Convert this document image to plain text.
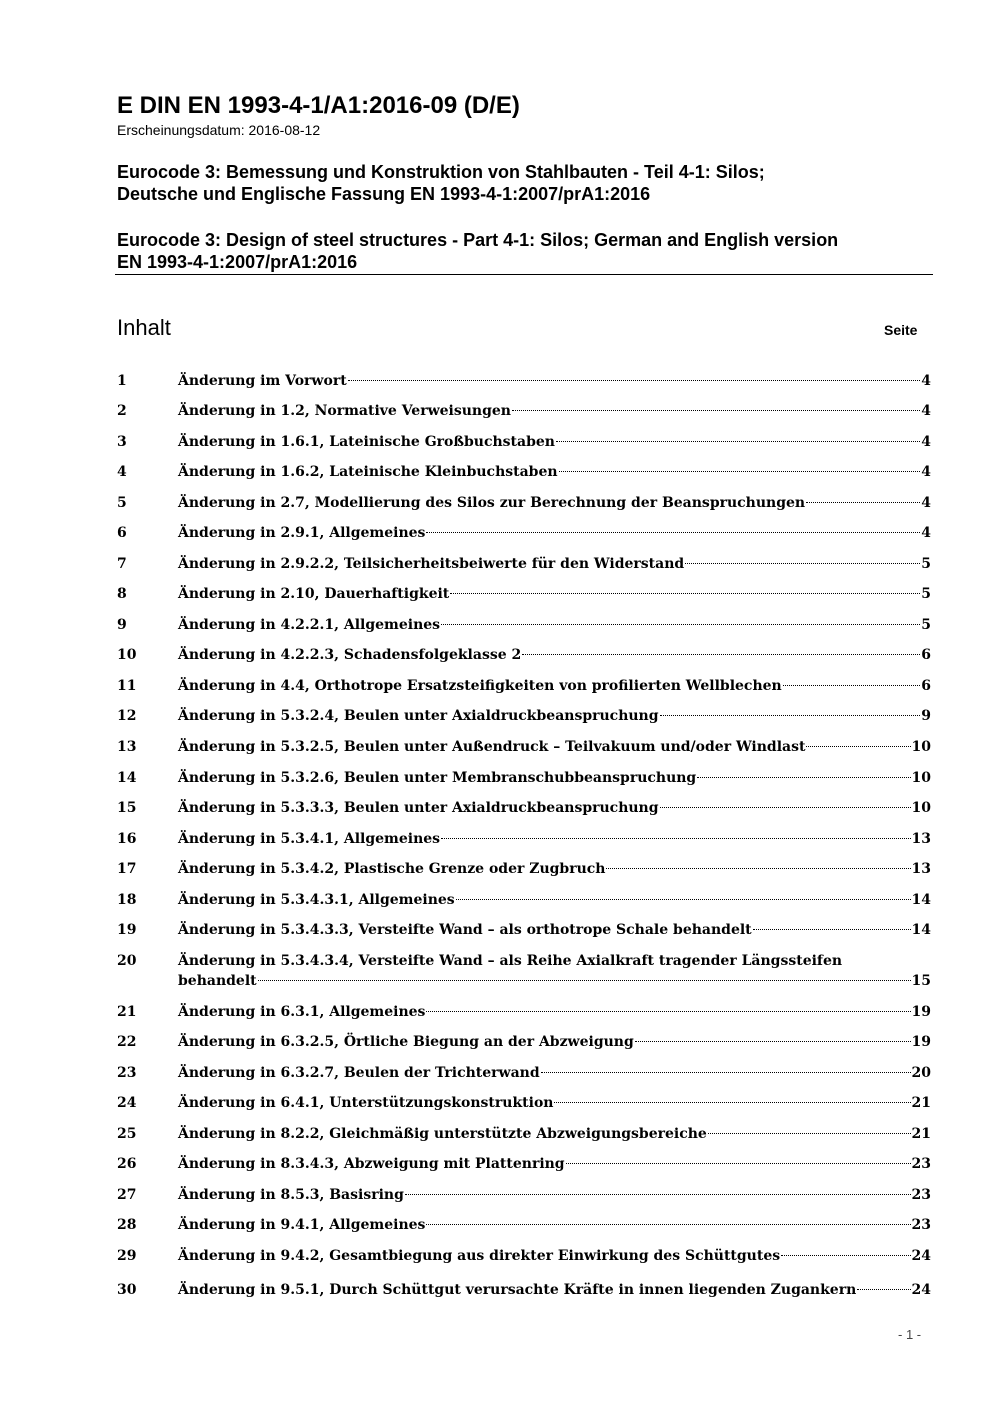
E DIN EN 1993-4-1/A1:2016-09 (D/E)
Erscheinungsdatum: 2016-08-12
Eurocode 3: Bemessung und Konstruktion von Stahlbauten - Teil 4-1: Silos;
Deutsche und Englische Fassung EN 1993-4-1:2007/prA1:2016
Eurocode 3: Design of steel structures - Part 4-1: Silos; German and English version
EN 1993-4-1:2007/prA1:2016
Inhalt	Seite
1	Änderung im Vorwort	4
2	Änderung in 1.2, Normative Verweisungen	4
3	Änderung in 1.6.1, Lateinische Großbuchstaben	4
4	Änderung in 1.6.2, Lateinische Kleinbuchstaben	4
5	Änderung in 2.7, Modellierung des Silos zur Berechnung der Beanspruchungen	4
6	Änderung in 2.9.1, Allgemeines	4
7	Änderung in 2.9.2.2, Teilsicherheitsbeiwerte für den Widerstand	5
8	Änderung in 2.10, Dauerhaftigkeit	5
9	Änderung in 4.2.2.1, Allgemeines	5
10	Änderung in 4.2.2.3, Schadensfolgeklasse 2	6
11	Änderung in 4.4, Orthotrope Ersatzsteifigkeiten von profilierten Wellblechen	6
12	Änderung in 5.3.2.4, Beulen unter Axialdruckbeanspruchung	9
13	Änderung in 5.3.2.5, Beulen unter Außendruck – Teilvakuum und/oder Windlast	10
14	Änderung in 5.3.2.6, Beulen unter Membranschubbeanspruchung	10
15	Änderung in 5.3.3.3, Beulen unter Axialdruckbeanspruchung	10
16	Änderung in 5.3.4.1, Allgemeines	13
17	Änderung in 5.3.4.2, Plastische Grenze oder Zugbruch	13
18	Änderung in 5.3.4.3.1, Allgemeines	14
19	Änderung in 5.3.4.3.3, Versteifte Wand – als orthotrope Schale behandelt	14
20	Änderung in 5.3.4.3.4, Versteifte Wand – als Reihe Axialkraft tragender Längssteifen
behandelt	15
21	Änderung in 6.3.1, Allgemeines	19
22	Änderung in 6.3.2.5, Örtliche Biegung an der Abzweigung	19
23	Änderung in 6.3.2.7, Beulen der Trichterwand	20
24	Änderung in 6.4.1, Unterstützungskonstruktion	21
25	Änderung in 8.2.2, Gleichmäßig unterstützte Abzweigungsbereiche	21
26	Änderung in 8.3.4.3, Abzweigung mit Plattenring	23
27	Änderung in 8.5.3, Basisring	23
28	Änderung in 9.4.1, Allgemeines	23
29	Änderung in 9.4.2, Gesamtbiegung aus direkter Einwirkung des Schüttgutes	24
30	Änderung in 9.5.1, Durch Schüttgut verursachte Kräfte in innen liegenden Zugankern	24
- 1 -
